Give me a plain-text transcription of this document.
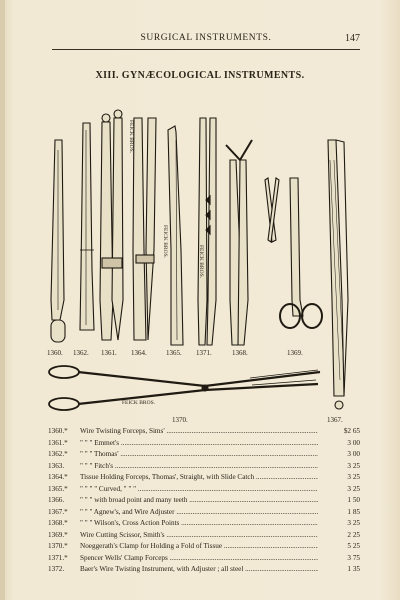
SURGICAL INSTRUMENTS.	147
XIII. GYNÆCOLOGICAL INSTRUMENTS.
FEICK BROS.
FEICK BROS.
FEICK BROS.
FEICK BROS.
1360. 1362. 1361. 1364.	1365. 1371.	1368.	1369.
1370.	1367.
1360.*	Wire Twisting Forceps, Sims' .....	$2 65
1361.*	" " " Emmet's .....	3 00
1362.*	" " " Thomas' .....	3 00
1363.	" " " Fitch's .....	3 25
1364.*	Tissue Holding Forceps, Thomas', Straight, with Slide Catch .....	3 25
1365.*	" " " " Curved, " " " .....	3 25
1366.	" " " with broad point and many teeth .....	1 50
1367.*	" " " Agnew's, and Wire Adjuster .....	1 85
1368.*	" " " Wilson's, Cross Action Points .....	3 25
1369.*	Wire Cutting Scissor, Smith's .....	2 25
1370.*	Noeggerath's Clamp for Holding a Fold of Tissue .....	5 25
1371.*	Spencer Wells' Clamp Forceps .....	3 75
1372.	Baer's Wire Twisting Instrument, with Adjuster ; all steel .....	1 35
